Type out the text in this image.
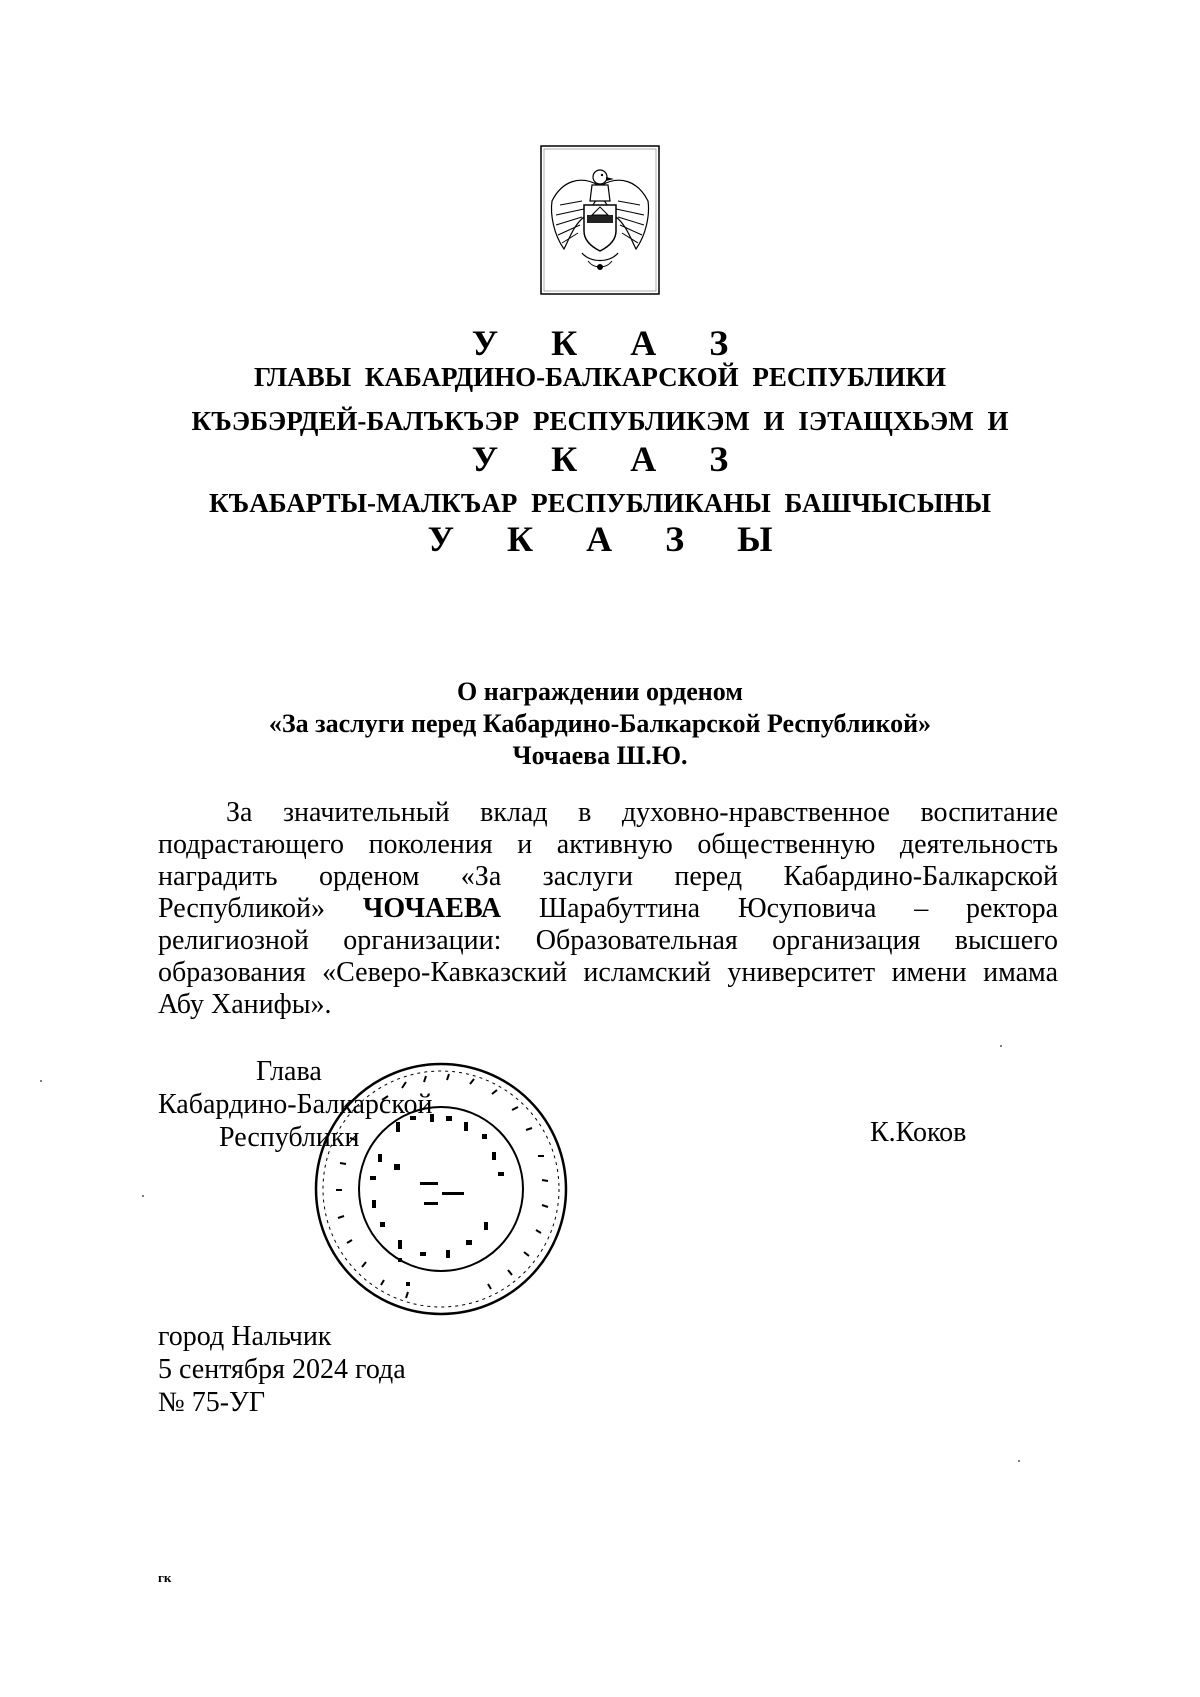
У К А З
ГЛАВЫ КАБАРДИНО-БАЛКАРСКОЙ РЕСПУБЛИКИ
КЪЭБЭРДЕЙ-БАЛЪКЪЭР РЕСПУБЛИКЭМ И IЭТАЩХЬЭМ И
У К А З
КЪАБАРТЫ-МАЛКЪАР РЕСПУБЛИКАНЫ БАШЧЫСЫНЫ
У К А З Ы
О награждении орденом
«За заслуги перед Кабардино-Балкарской Республикой»
Чочаева Ш.Ю.
За значительный вклад в духовно-нравственное воспитание
подрастающего поколения и активную общественную деятельность
наградить орденом «За заслуги перед Кабардино-Балкарской
Республикой» ЧОЧАЕВА Шарабуттина Юсуповича – ректора
религиозной организации: Образовательная организация высшего
образования «Северо-Кавказский исламский университет имени имама
Абу Ханифы».
Глава
Кабардино-Балкарской
Республики	К.Коков
город Нальчик
5 сентября 2024 года
№ 75-УГ
гк
